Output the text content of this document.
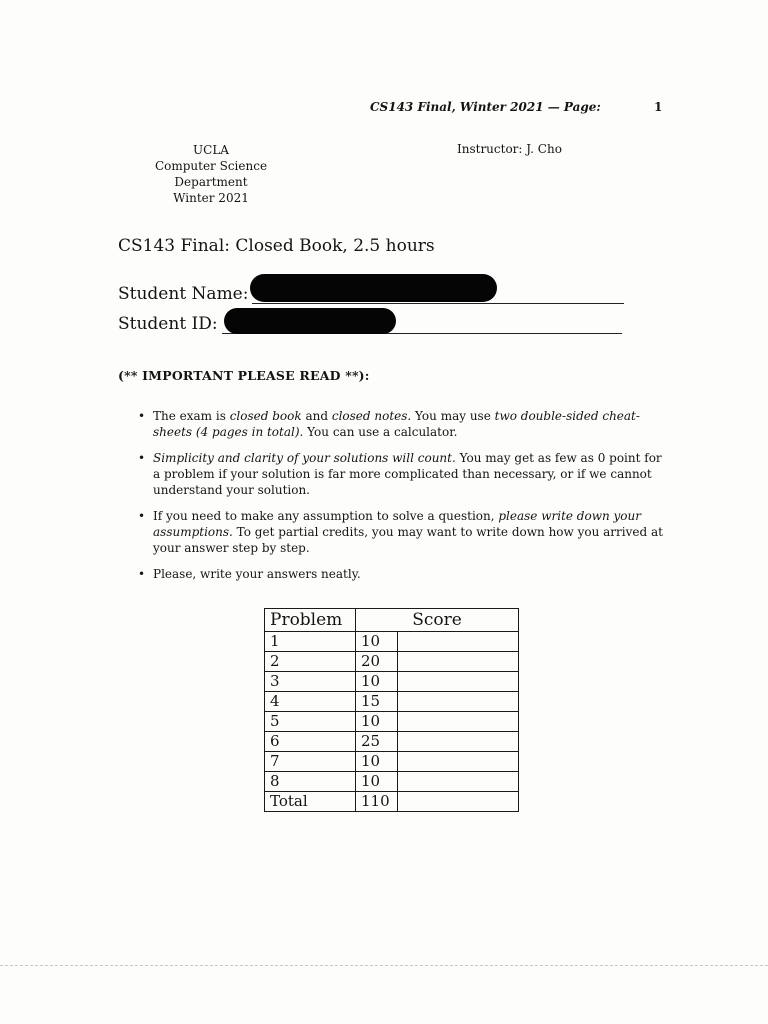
CS143 Final, Winter 2021 — Page:	1
UCLA
Computer Science Department
Winter 2021
Instructor: J. Cho
CS143 Final: Closed Book, 2.5 hours
Student Name:
Student ID:
(** IMPORTANT PLEASE READ **):
• The exam is closed book and closed notes. You may use two double-sided cheat-sheets (4 pages in total). You can use a calculator.
• Simplicity and clarity of your solutions will count. You may get as few as 0 point for a problem if your solution is far more complicated than necessary, or if we cannot understand your solution.
• If you need to make any assumption to solve a question, please write down your assumptions. To get partial credits, you may want to write down how you arrived at your answer step by step.
• Please, write your answers neatly.
Problem	Score	
1	10	
2	20	
3	10	
4	15	
5	10	
6	25	
7	10	
8	10	
Total	110	
